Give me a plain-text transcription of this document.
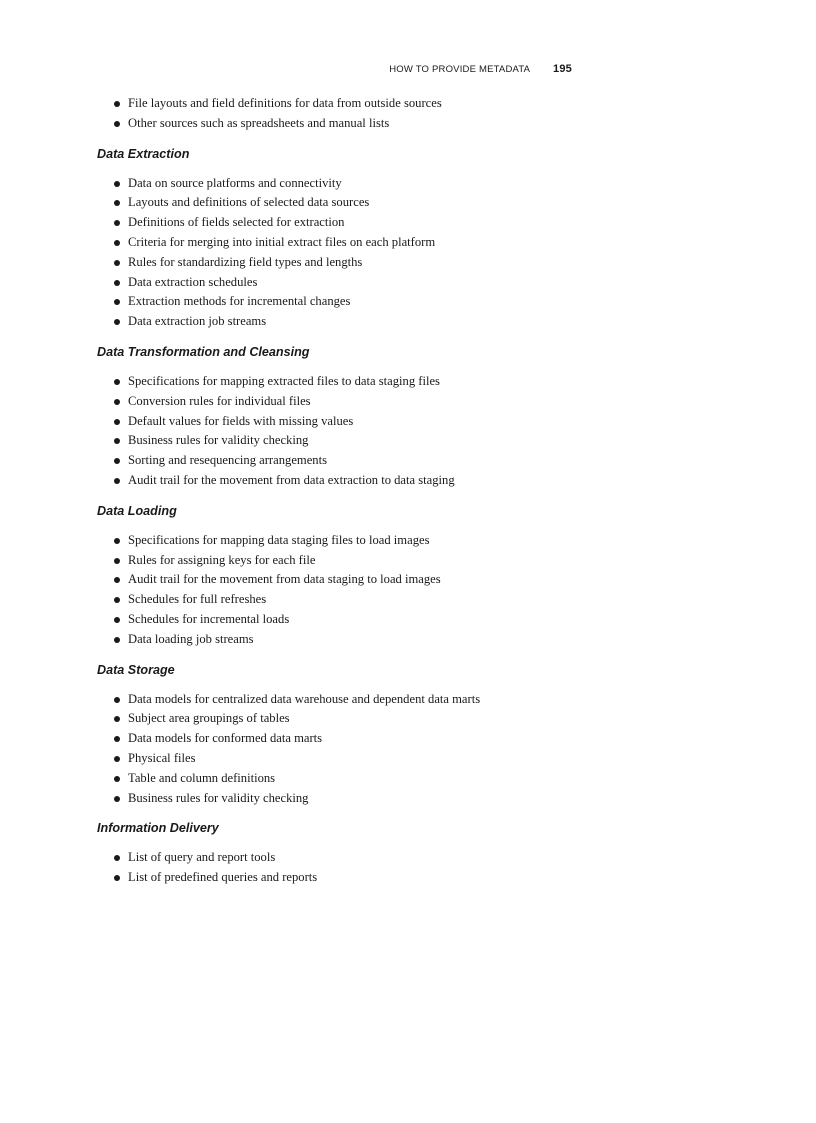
HOW TO PROVIDE METADATA 195
File layouts and field definitions for data from outside sources
Other sources such as spreadsheets and manual lists
Data Extraction
Data on source platforms and connectivity
Layouts and definitions of selected data sources
Definitions of fields selected for extraction
Criteria for merging into initial extract files on each platform
Rules for standardizing field types and lengths
Data extraction schedules
Extraction methods for incremental changes
Data extraction job streams
Data Transformation and Cleansing
Specifications for mapping extracted files to data staging files
Conversion rules for individual files
Default values for fields with missing values
Business rules for validity checking
Sorting and resequencing arrangements
Audit trail for the movement from data extraction to data staging
Data Loading
Specifications for mapping data staging files to load images
Rules for assigning keys for each file
Audit trail for the movement from data staging to load images
Schedules for full refreshes
Schedules for incremental loads
Data loading job streams
Data Storage
Data models for centralized data warehouse and dependent data marts
Subject area groupings of tables
Data models for conformed data marts
Physical files
Table and column definitions
Business rules for validity checking
Information Delivery
List of query and report tools
List of predefined queries and reports
